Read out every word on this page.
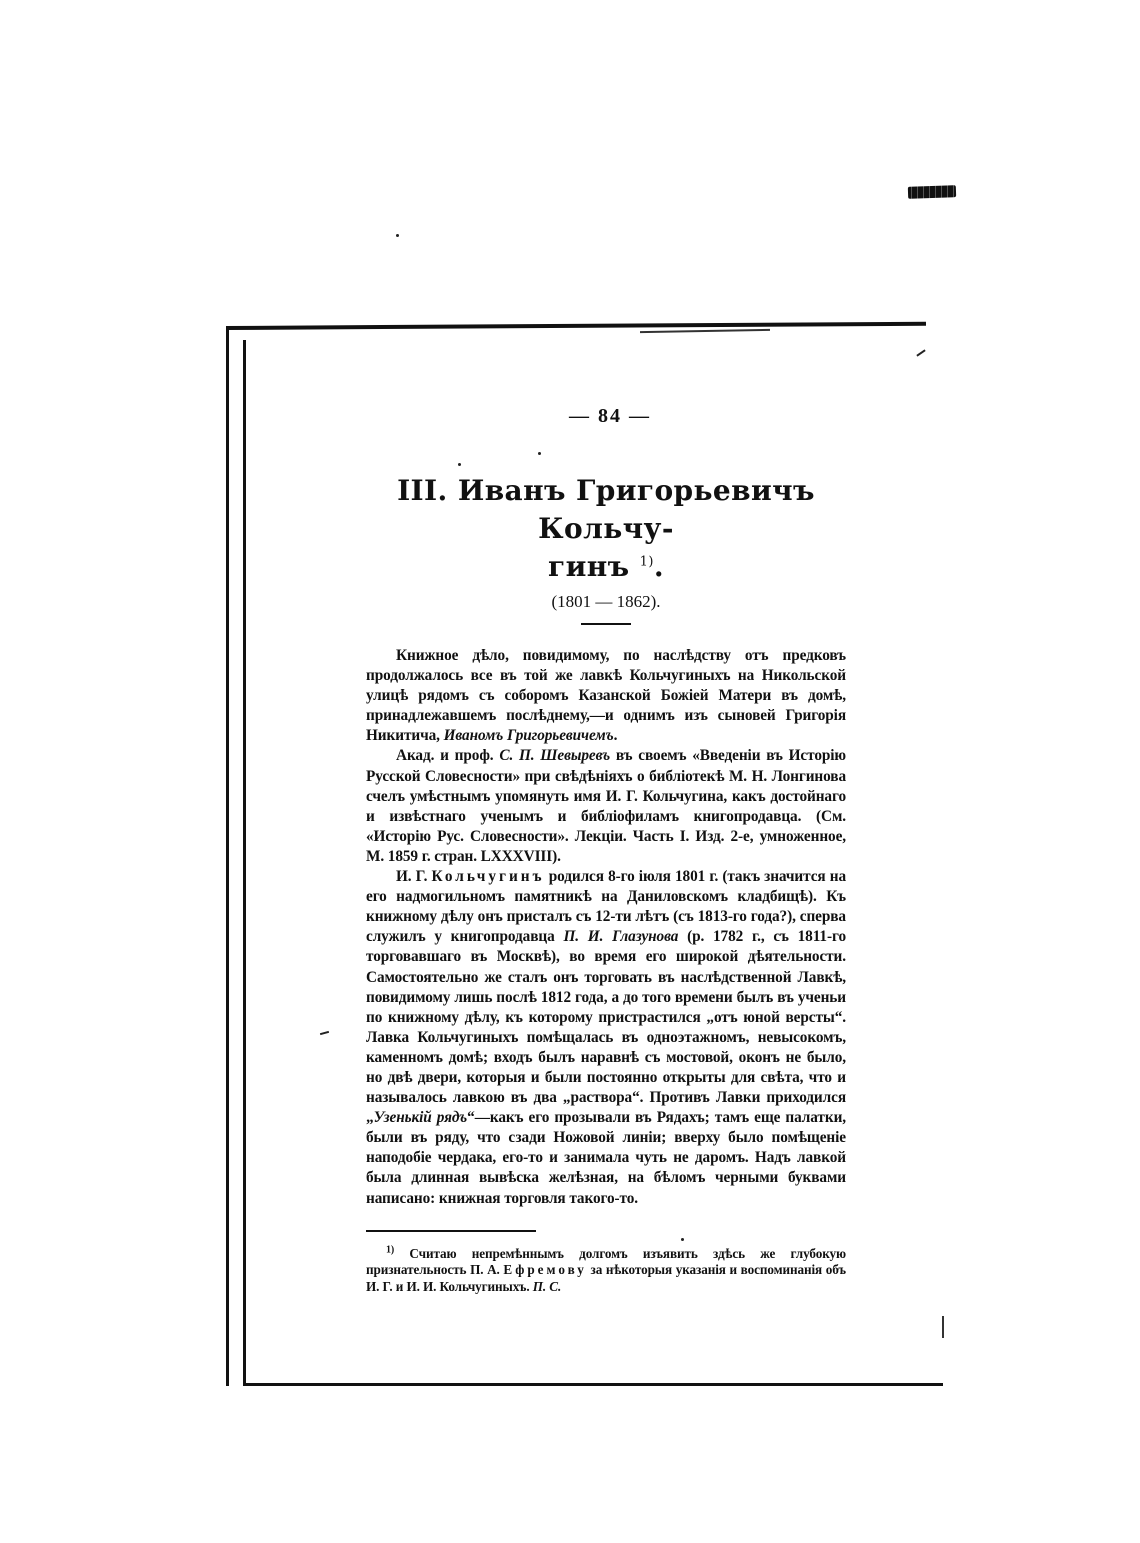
— 84 —
III. Иванъ Григорьевичъ Кольчу-
гинъ $^{1)}$.
(1801 — 1862).

Книжное дѣло, повидимому, по наслѣдству отъ предковъ продолжалось все въ той же лавкѣ Кольчугиныхъ на Никольской улицѣ рядомъ съ соборомъ Казанской Божіей Матери въ домѣ, принадлежавшемъ послѣднему,—и однимъ изъ сыновей Григорія Никитича, Иваномъ Григорьевичемъ.

Акад. и проф. С. П. Шевыревъ въ своемъ «Введеніи въ Исторію Русской Словесности» при свѣдѣніяхъ о библіотекѣ М. Н. Лонгинова счелъ умѣстнымъ упомянуть имя И. Г. Кольчугина, какъ достойнаго и извѣстнаго ученымъ и библіофиламъ книгопродавца. (См. «Исторію Рус. Словесности». Лекціи. Часть I. Изд. 2-е, умноженное, М. 1859 г. стран. LXXXVIII).

И. Г. Кольчугинъ родился 8-го іюля 1801 г. (такъ значится на его надмогильномъ памятникѣ на Даниловскомъ кладбищѣ). Къ книжному дѣлу онъ присталъ съ 12-ти лѣтъ (съ 1813-го года?), сперва служилъ у книгопродавца П. И. Глазунова (р. 1782 г., съ 1811-го торговавшаго въ Москвѣ), во время его широкой дѣятельности. Самостоятельно же сталъ онъ торговать въ наслѣдственной Лавкѣ, повидимому лишь послѣ 1812 года, а до того времени былъ въ ученьи по книжному дѣлу, къ которому пристрастился „отъ юной версты“. Лавка Кольчугиныхъ помѣщалась въ одноэтажномъ, невысокомъ, каменномъ домѣ; входъ былъ наравнѣ съ мостовой, оконъ не было, но двѣ двери, которыя и были постоянно открыты для свѣта, что и называлось лавкою въ два „раствора“. Противъ Лавки приходился „Узенькій рядъ“—какъ его прозывали въ Рядахъ; тамъ еще палатки, были въ ряду, что сзади Ножовой линіи; вверху было помѣщеніе наподобіе чердака, его-то и занимала чуть не даромъ. Надъ лавкой была длинная вывѣска желѣзная, на бѣломъ черными буквами написано: книжная торговля такого-то.

$^{1)}$ Считаю непремѣннымъ долгомъ изъявить здѣсь же глубокую признательность П. А. Ефремову за нѣкоторыя указанія и воспоминанія объ И. Г. и И. И. Кольчугиныхъ. П. С.
